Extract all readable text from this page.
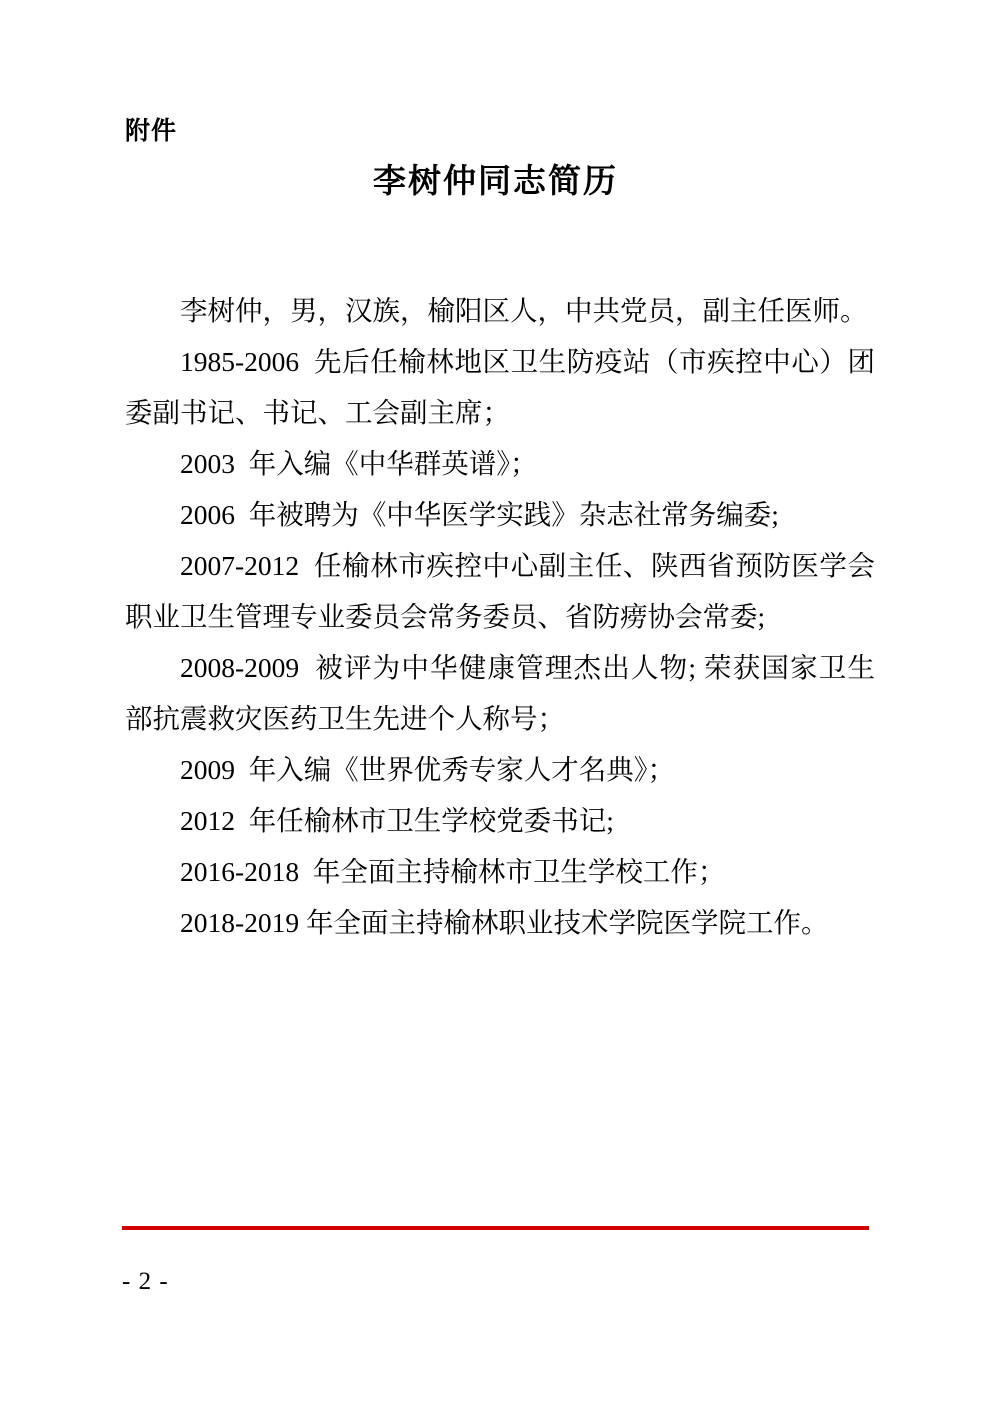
附件
李树仲同志简历

李树仲，男，汉族，榆阳区人，中共党员，副主任医师。

1985-2006  先后任榆林地区卫生防疫站（市疾控中心）团委副书记、书记、工会副主席；

2003  年入编《中华群英谱》；

2006  年被聘为《中华医学实践》杂志社常务编委;

2007-2012  任榆林市疾控中心副主任、陕西省预防医学会职业卫生管理专业委员会常务委员、省防痨协会常委;

2008-2009  被评为中华健康管理杰出人物; 荣获国家卫生部抗震救灾医药卫生先进个人称号；

2009  年入编《世界优秀专家人才名典》；

2012  年任榆林市卫生学校党委书记;

2016-2018  年全面主持榆林市卫生学校工作；

2018-2019 年全面主持榆林职业技术学院医学院工作。

- 2 -
